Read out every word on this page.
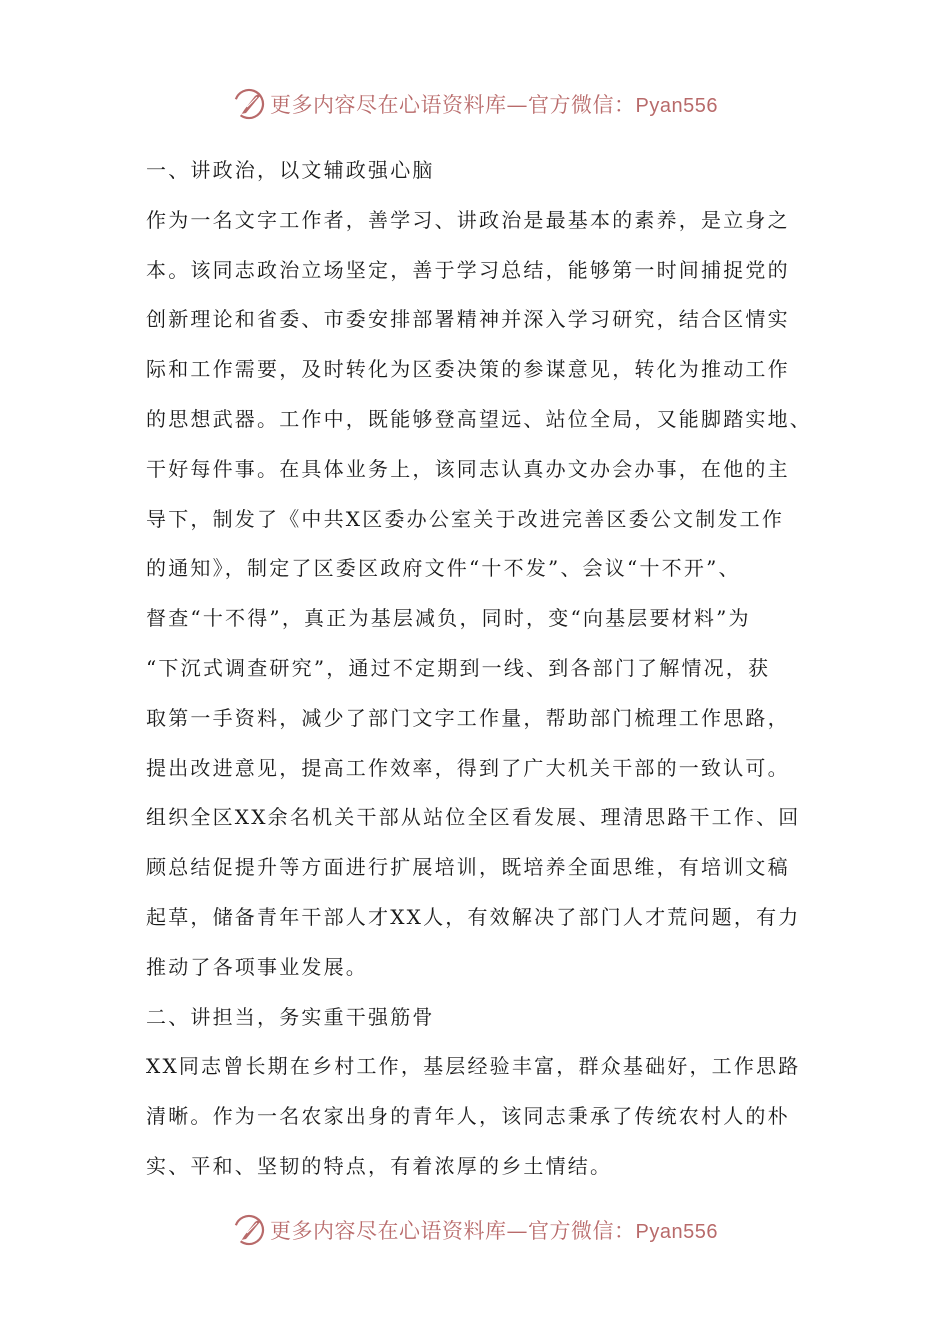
更多内容尽在心语资料库—官方微信：Pyan556
一、讲政治，以文辅政强心脑
作为一名文字工作者，善学习、讲政治是最基本的素养，是立身之
本。该同志政治立场坚定，善于学习总结，能够第一时间捕捉党的
创新理论和省委、市委安排部署精神并深入学习研究，结合区情实
际和工作需要，及时转化为区委决策的参谋意见，转化为推动工作
的思想武器。工作中，既能够登高望远、站位全局，又能脚踏实地、
干好每件事。在具体业务上，该同志认真办文办会办事，在他的主
导下，制发了《中共X区委办公室关于改进完善区委公文制发工作
的通知》，制定了区委区政府文件“十不发”、会议“十不开”、
督查“十不得”，真正为基层减负，同时，变“向基层要材料”为
“下沉式调查研究”，通过不定期到一线、到各部门了解情况，获
取第一手资料，减少了部门文字工作量，帮助部门梳理工作思路，
提出改进意见，提高工作效率，得到了广大机关干部的一致认可。
组织全区XX余名机关干部从站位全区看发展、理清思路干工作、回
顾总结促提升等方面进行扩展培训，既培养全面思维，有培训文稿
起草，储备青年干部人才XX人，有效解决了部门人才荒问题，有力
推动了各项事业发展。
二、讲担当，务实重干强筋骨
XX同志曾长期在乡村工作，基层经验丰富，群众基础好，工作思路
清晰。作为一名农家出身的青年人，该同志秉承了传统农村人的朴
实、平和、坚韧的特点，有着浓厚的乡土情结。
更多内容尽在心语资料库—官方微信：Pyan556
